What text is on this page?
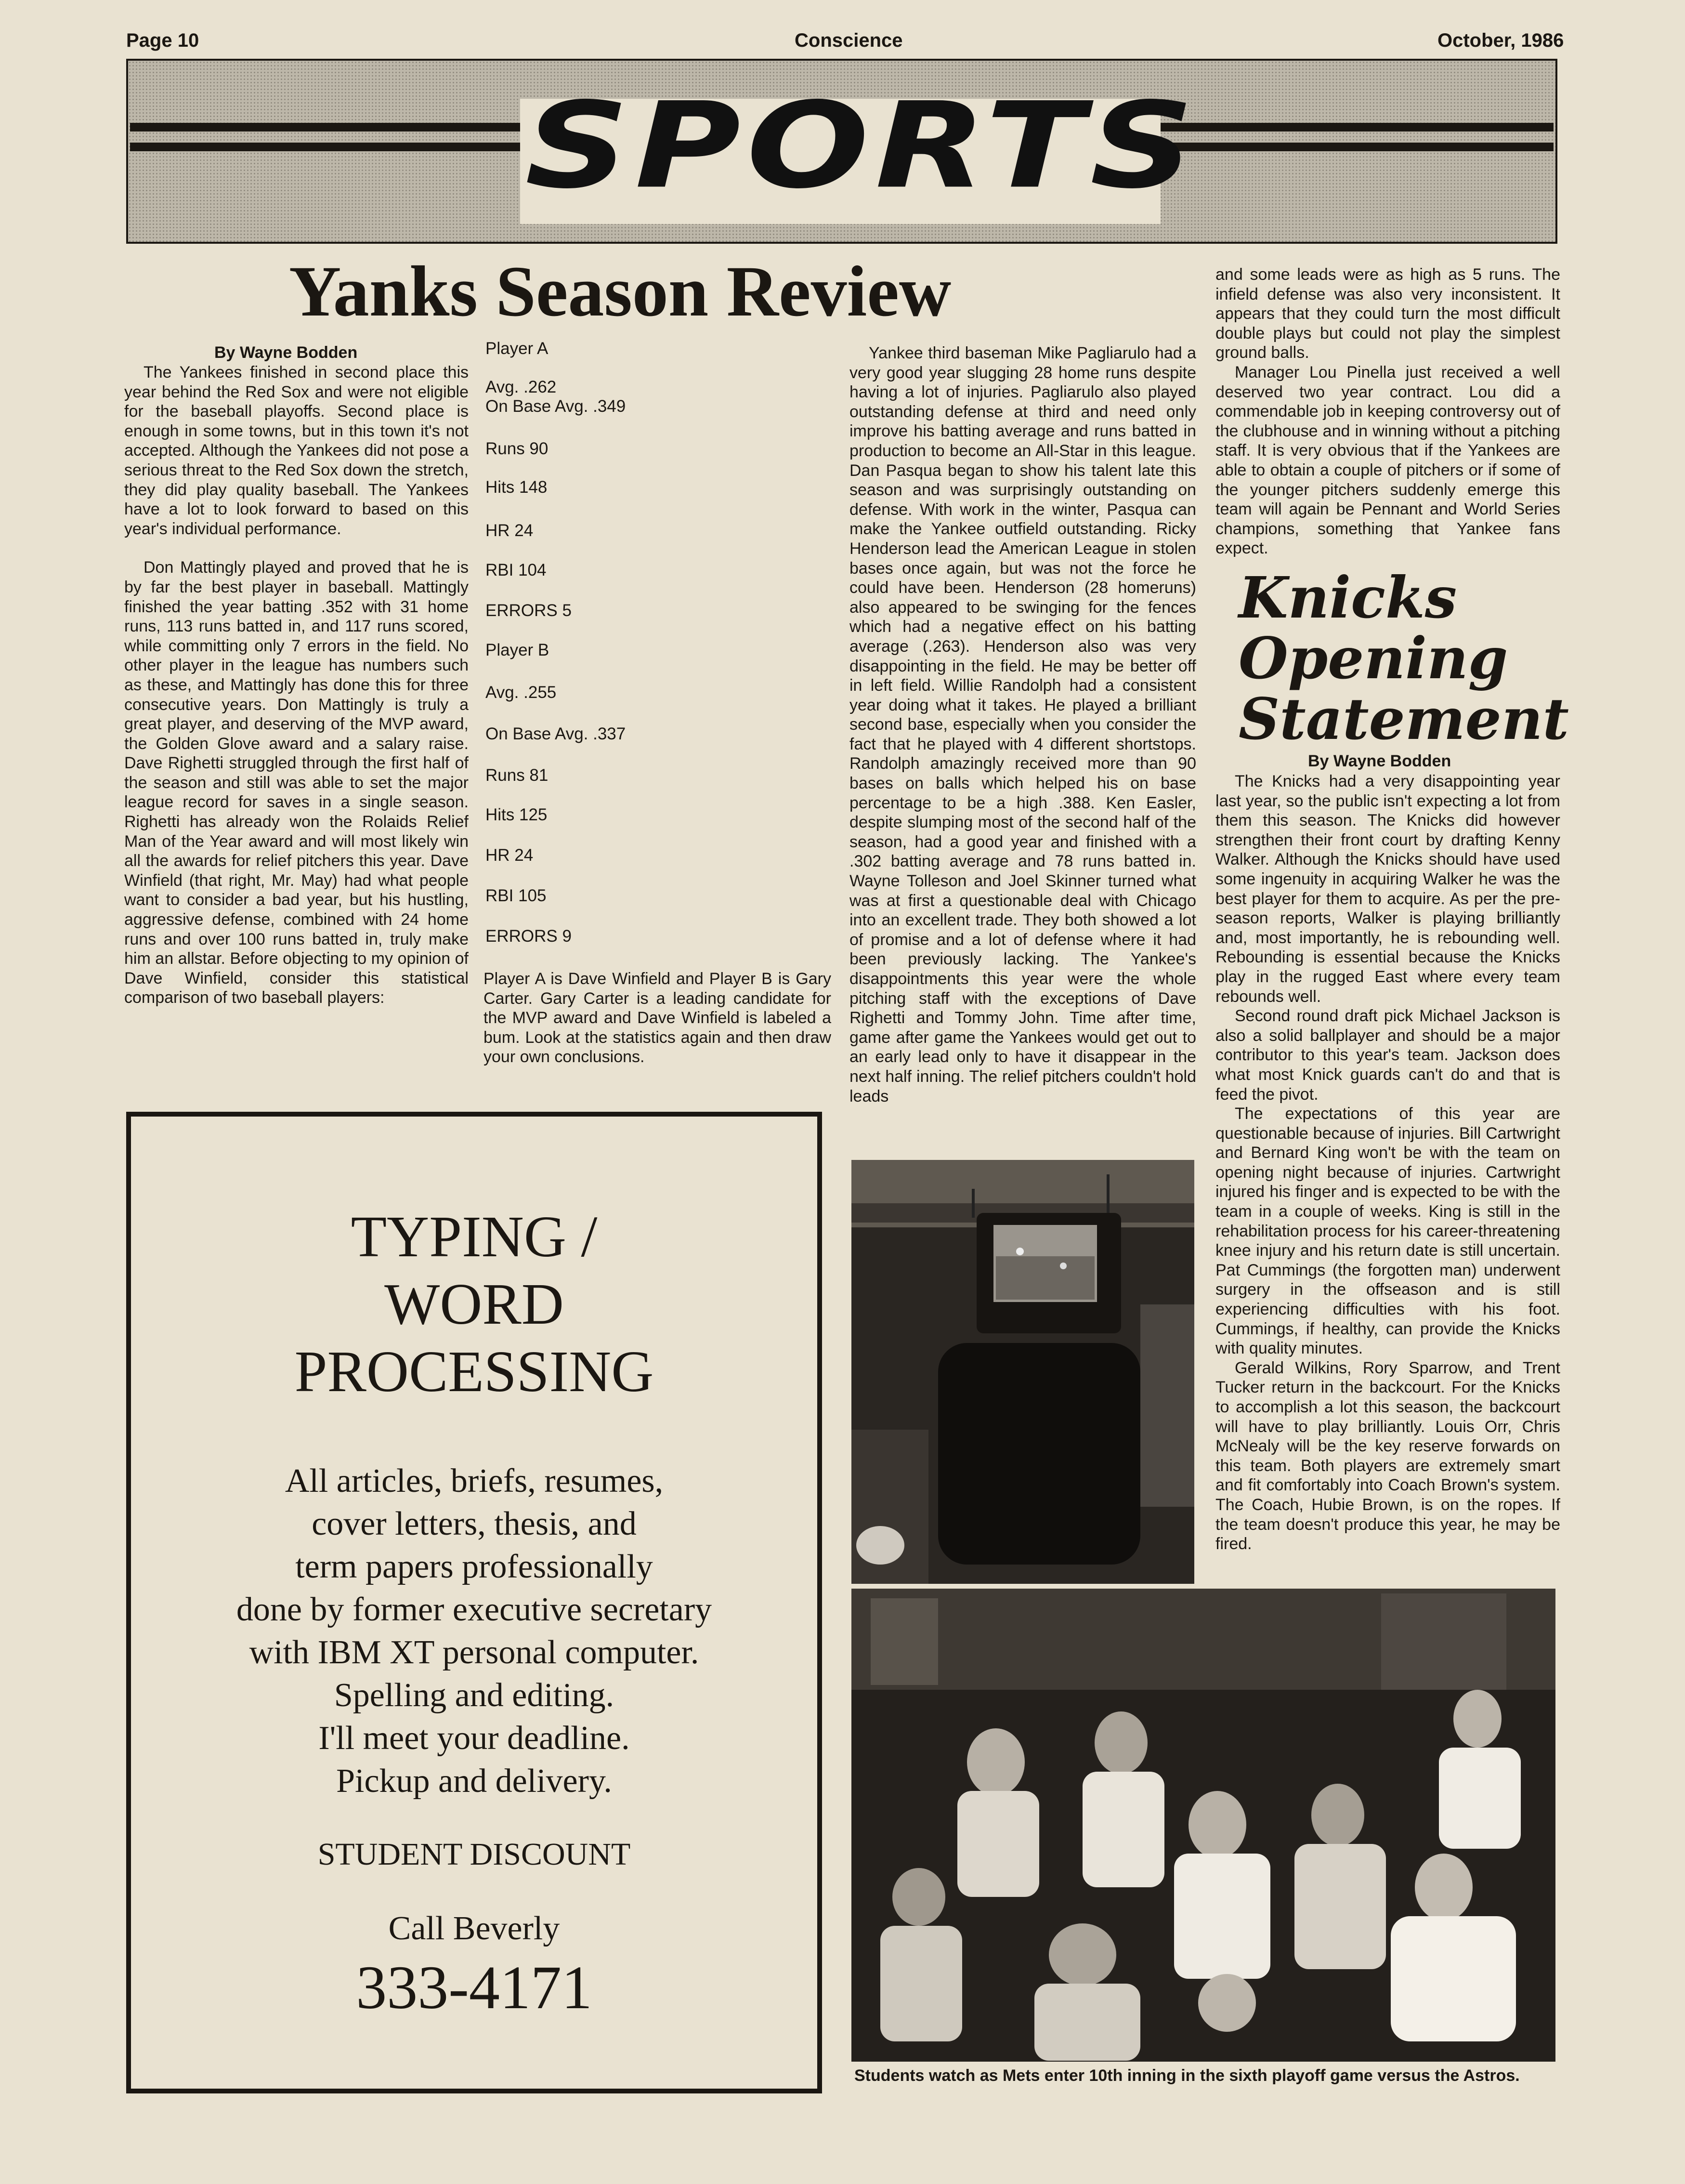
Page 10	Conscience	October, 1986
SPORTS
Yanks Season Review
By Wayne Bodden

The Yankees finished in second place this year behind the Red Sox and were not eligible for the baseball playoffs. Second place is enough in some towns, but in this town it's not accepted. Although the Yankees did not pose a serious threat to the Red Sox down the stretch, they did play quality baseball. The Yankees have a lot to look forward to based on this year's individual performance.

Don Mattingly played and proved that he is by far the best player in baseball. Mattingly finished the year batting .352 with 31 home runs, 113 runs batted in, and 117 runs scored, while committing only 7 errors in the field. No other player in the league has numbers such as these, and Mattingly has done this for three consecutive years. Don Mattingly is truly a great player, and deserving of the MVP award, the Golden Glove award and a salary raise. Dave Righetti struggled through the first half of the season and still was able to set the major league record for saves in a single season. Righetti has already won the Rolaids Relief Man of the Year award and will most likely win all the awards for relief pitchers this year. Dave Winfield (that right, Mr. May) had what people want to consider a bad year, but his hustling, aggressive defense, combined with 24 home runs and over 100 runs batted in, truly make him an allstar. Before objecting to my opinion of Dave Winfield, consider this statistical comparison of two baseball players:

Player A
Avg. .262
On Base Avg. .349
Runs 90
Hits 148
HR 24
RBI 104
ERRORS 5
Player B
Avg. .255
On Base Avg. .337
Runs 81
Hits 125
HR 24
RBI 105
ERRORS 9

Player A is Dave Winfield and Player B is Gary Carter. Gary Carter is a leading candidate for the MVP award and Dave Winfield is labeled a bum. Look at the statistics again and then draw your own conclusions.

Yankee third baseman Mike Pagliarulo had a very good year slugging 28 home runs despite having a lot of injuries. Pagliarulo also played outstanding defense at third and need only improve his batting average and runs batted in production to become an All-Star in this league. Dan Pasqua began to show his talent late this season and was surprisingly outstanding on defense. With work in the winter, Pasqua can make the Yankee outfield outstanding. Ricky Henderson lead the American League in stolen bases once again, but was not the force he could have been. Henderson (28 homeruns) also appeared to be swinging for the fences which had a negative effect on his batting average (.263). Henderson also was very disappointing in the field. He may be better off in left field. Willie Randolph had a consistent year doing what it takes. He played a brilliant second base, especially when you consider the fact that he played with 4 different shortstops. Randolph amazingly received more than 90 bases on balls which helped his on base percentage to be a high .388. Ken Easler, despite slumping most of the second half of the season, had a good year and finished with a .302 batting average and 78 runs batted in. Wayne Tolleson and Joel Skinner turned what was at first a questionable deal with Chicago into an excellent trade. They both showed a lot of promise and a lot of defense where it had been previously lacking. The Yankee's disappointments this year were the whole pitching staff with the exceptions of Dave Righetti and Tommy John. Time after time, game after game the Yankees would get out to an early lead only to have it disappear in the next half inning. The relief pitchers couldn't hold leads

and some leads were as high as 5 runs. The infield defense was also very inconsistent. It appears that they could turn the most difficult double plays but could not play the simplest ground balls.

Manager Lou Pinella just received a well deserved two year contract. Lou did a commendable job in keeping controversy out of the clubhouse and in winning without a pitching staff. It is very obvious that if the Yankees are able to obtain a couple of pitchers or if some of the younger pitchers suddenly emerge this team will again be Pennant and World Series champions, something that Yankee fans expect.

Knicks
Opening
Statement
By Wayne Bodden

The Knicks had a very disappointing year last year, so the public isn't expecting a lot from them this season. The Knicks did however strengthen their front court by drafting Kenny Walker. Although the Knicks should have used some ingenuity in acquiring Walker he was the best player for them to acquire. As per the pre-season reports, Walker is playing brilliantly and, most importantly, he is rebounding well. Rebounding is essential because the Knicks play in the rugged East where every team rebounds well.

Second round draft pick Michael Jackson is also a solid ballplayer and should be a major contributor to this year's team. Jackson does what most Knick guards can't do and that is feed the pivot.

The expectations of this year are questionable because of injuries. Bill Cartwright and Bernard King won't be with the team on opening night because of injuries. Cartwright injured his finger and is expected to be with the team in a couple of weeks. King is still in the rehabilitation process for his career-threatening knee injury and his return date is still uncertain. Pat Cummings (the forgotten man) underwent surgery in the offseason and is still experiencing difficulties with his foot. Cummings, if healthy, can provide the Knicks with quality minutes.

Gerald Wilkins, Rory Sparrow, and Trent Tucker return in the backcourt. For the Knicks to accomplish a lot this season, the backcourt will have to play brilliantly. Louis Orr, Chris McNealy will be the key reserve forwards on this team. Both players are extremely smart and fit comfortably into Coach Brown's system. The Coach, Hubie Brown, is on the ropes. If the team doesn't produce this year, he may be fired.

Students watch as Mets enter 10th inning in the sixth playoff game versus the Astros.
TYPING /
WORD
PROCESSING
All articles, briefs, resumes,
cover letters, thesis, and
term papers professionally
done by former executive secretary
with IBM XT personal computer.
Spelling and editing.
I'll meet your deadline.
Pickup and delivery.
STUDENT DISCOUNT
Call Beverly
333-4171
